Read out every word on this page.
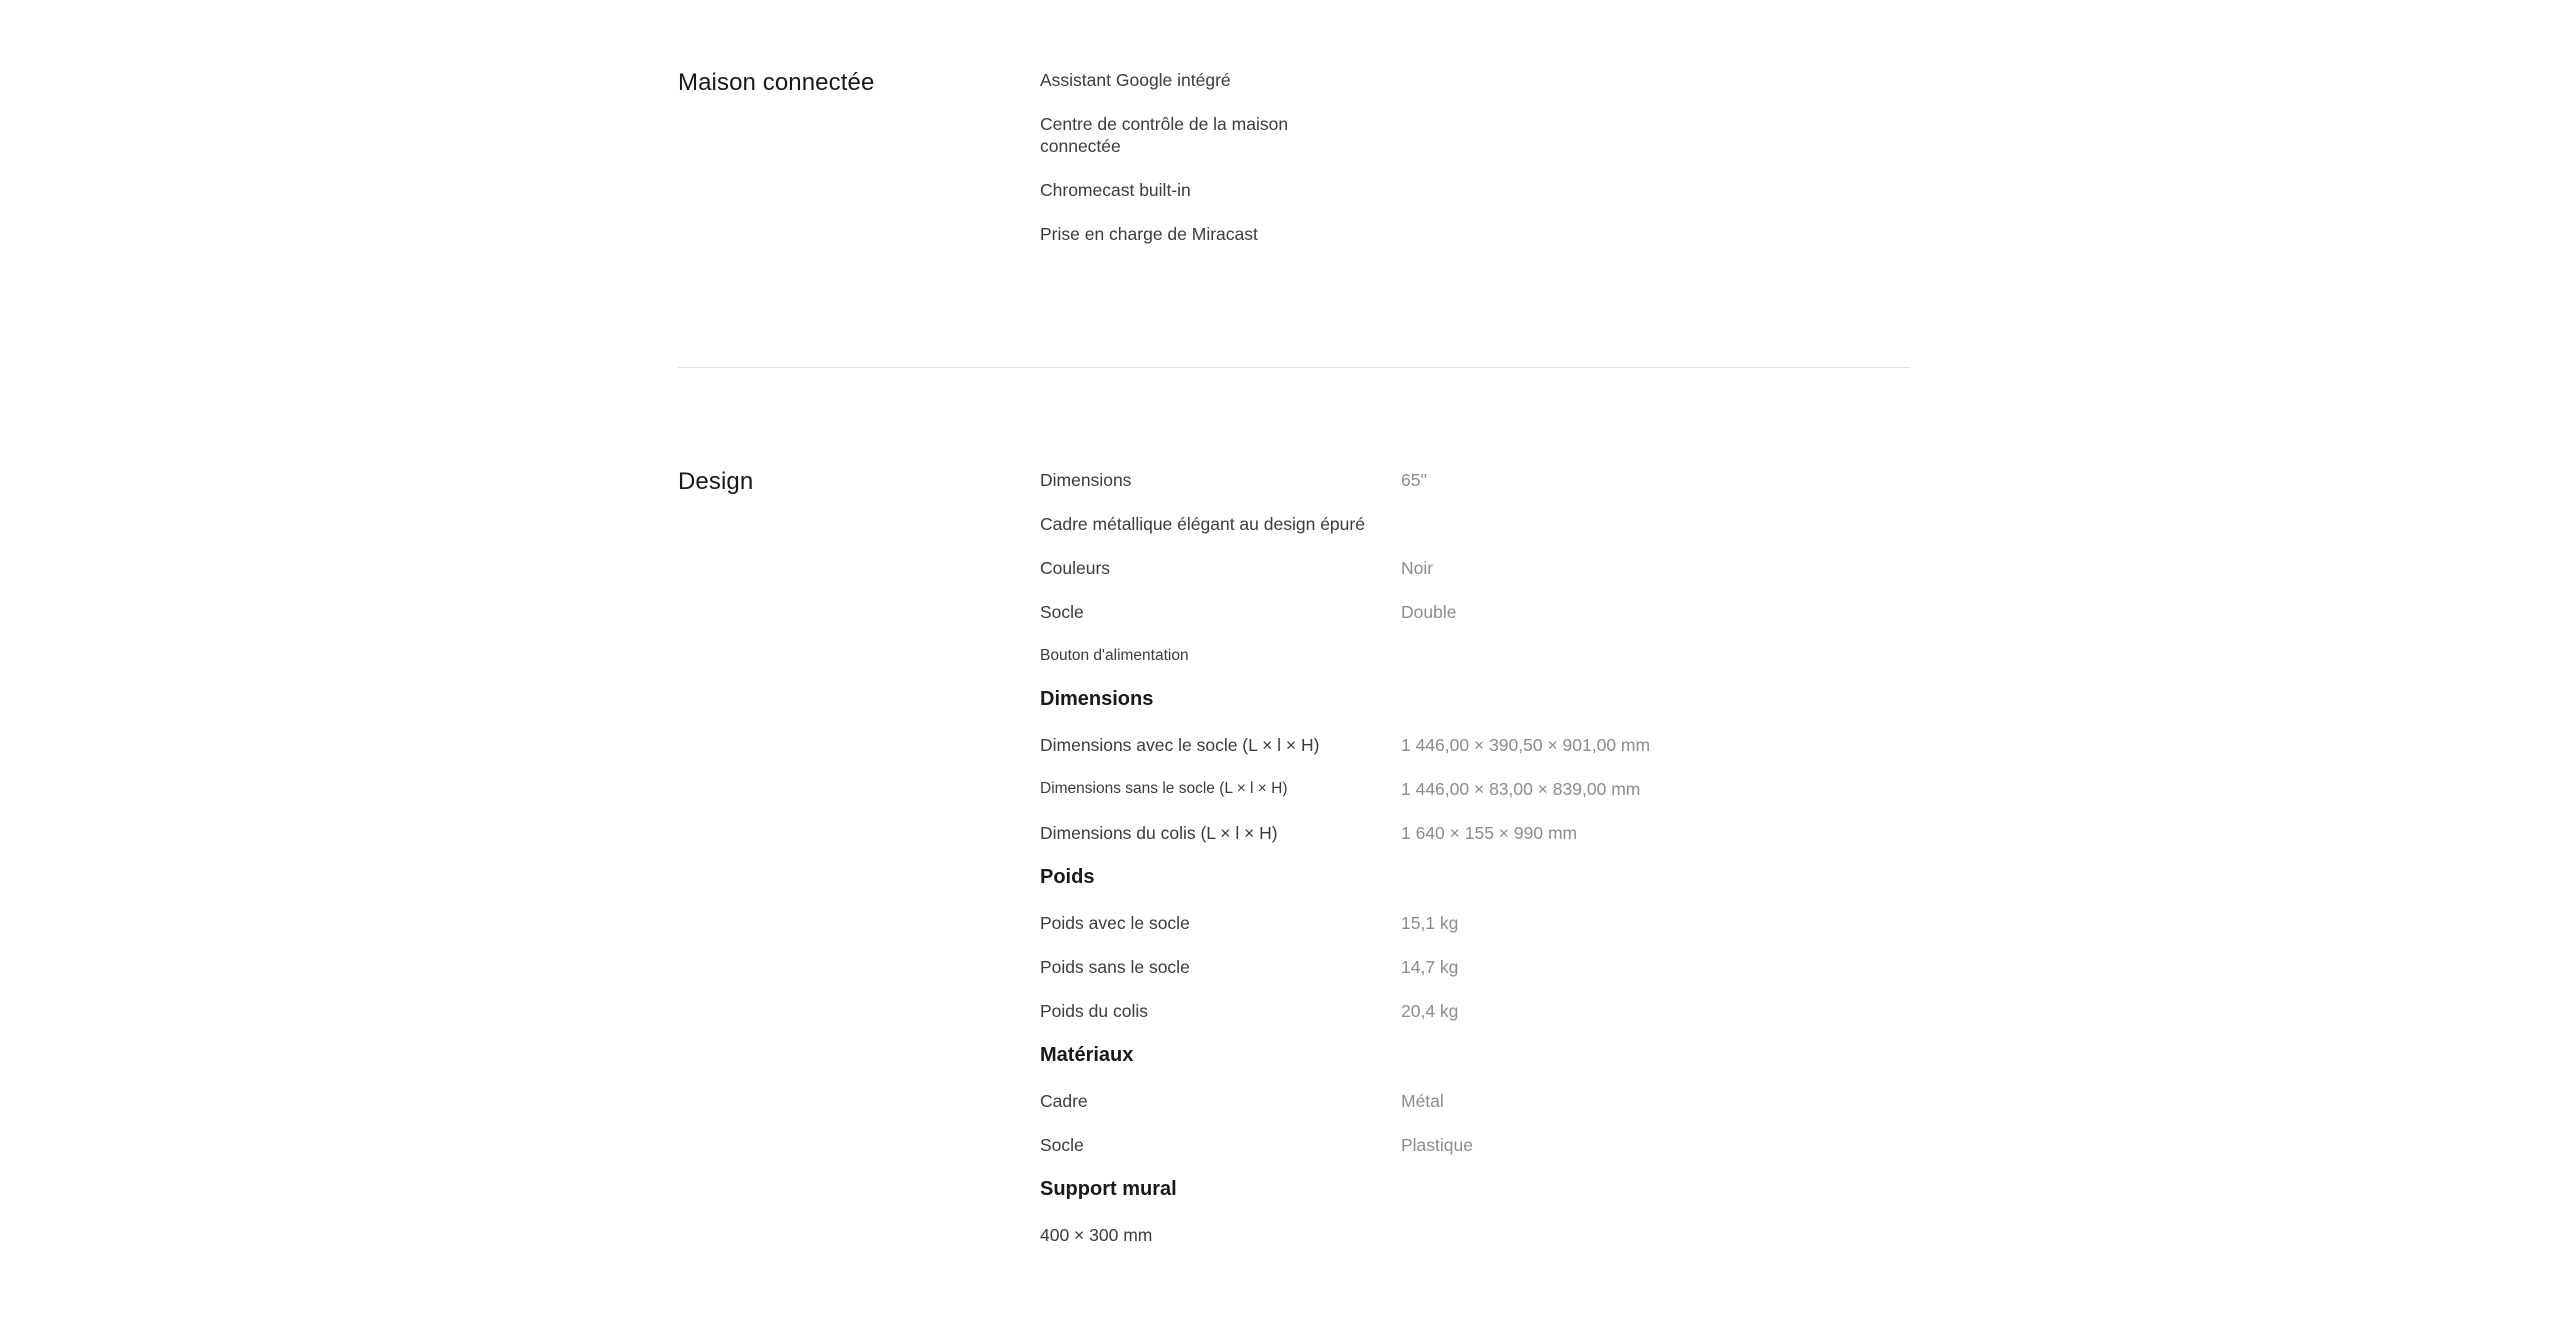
Maison connectée	Assistant Google intégré

Centre de contrôle de la maison connectée

Chromecast built-in

Prise en charge de Miracast

Design	Dimensions	65''

Cadre métallique élégant au design épuré

Couleurs	Noir

Socle	Double

Bouton d'alimentation

Dimensions

Dimensions avec le socle (L × l × H)	1 446,00 × 390,50 × 901,00 mm

Dimensions sans le socle (L × l × H)	1 446,00 × 83,00 × 839,00 mm

Dimensions du colis (L × l × H)	1 640 × 155 × 990 mm

Poids

Poids avec le socle	15,1 kg

Poids sans le socle	14,7 kg

Poids du colis	20,4 kg

Matériaux

Cadre	Métal

Socle	Plastique

Support mural

400 × 300 mm
